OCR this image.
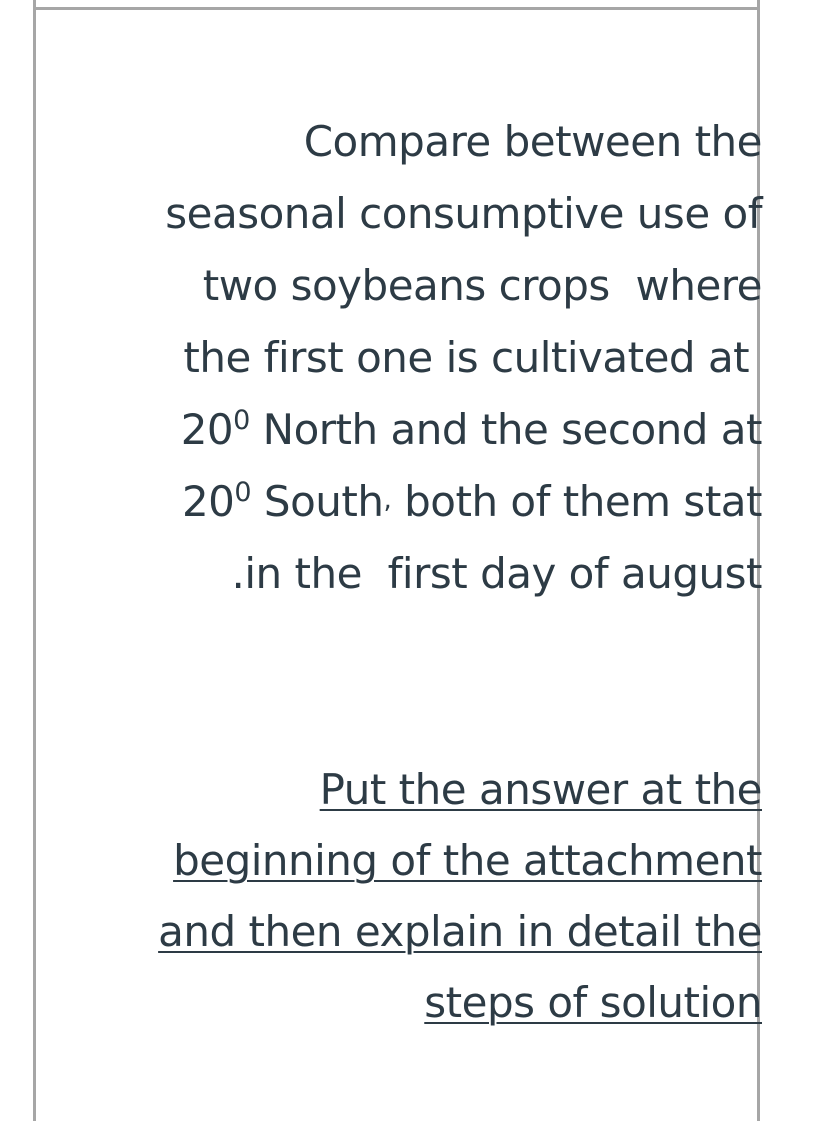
Compare between the
seasonal consumptive use of
two soybeans crops  where
the first one is cultivated at
$20^0$ North and the second at
$20^0$ South, both of them stat
.in the  first day of august
Put the answer at the
beginning of the attachment
and then explain in detail the
steps of solution
